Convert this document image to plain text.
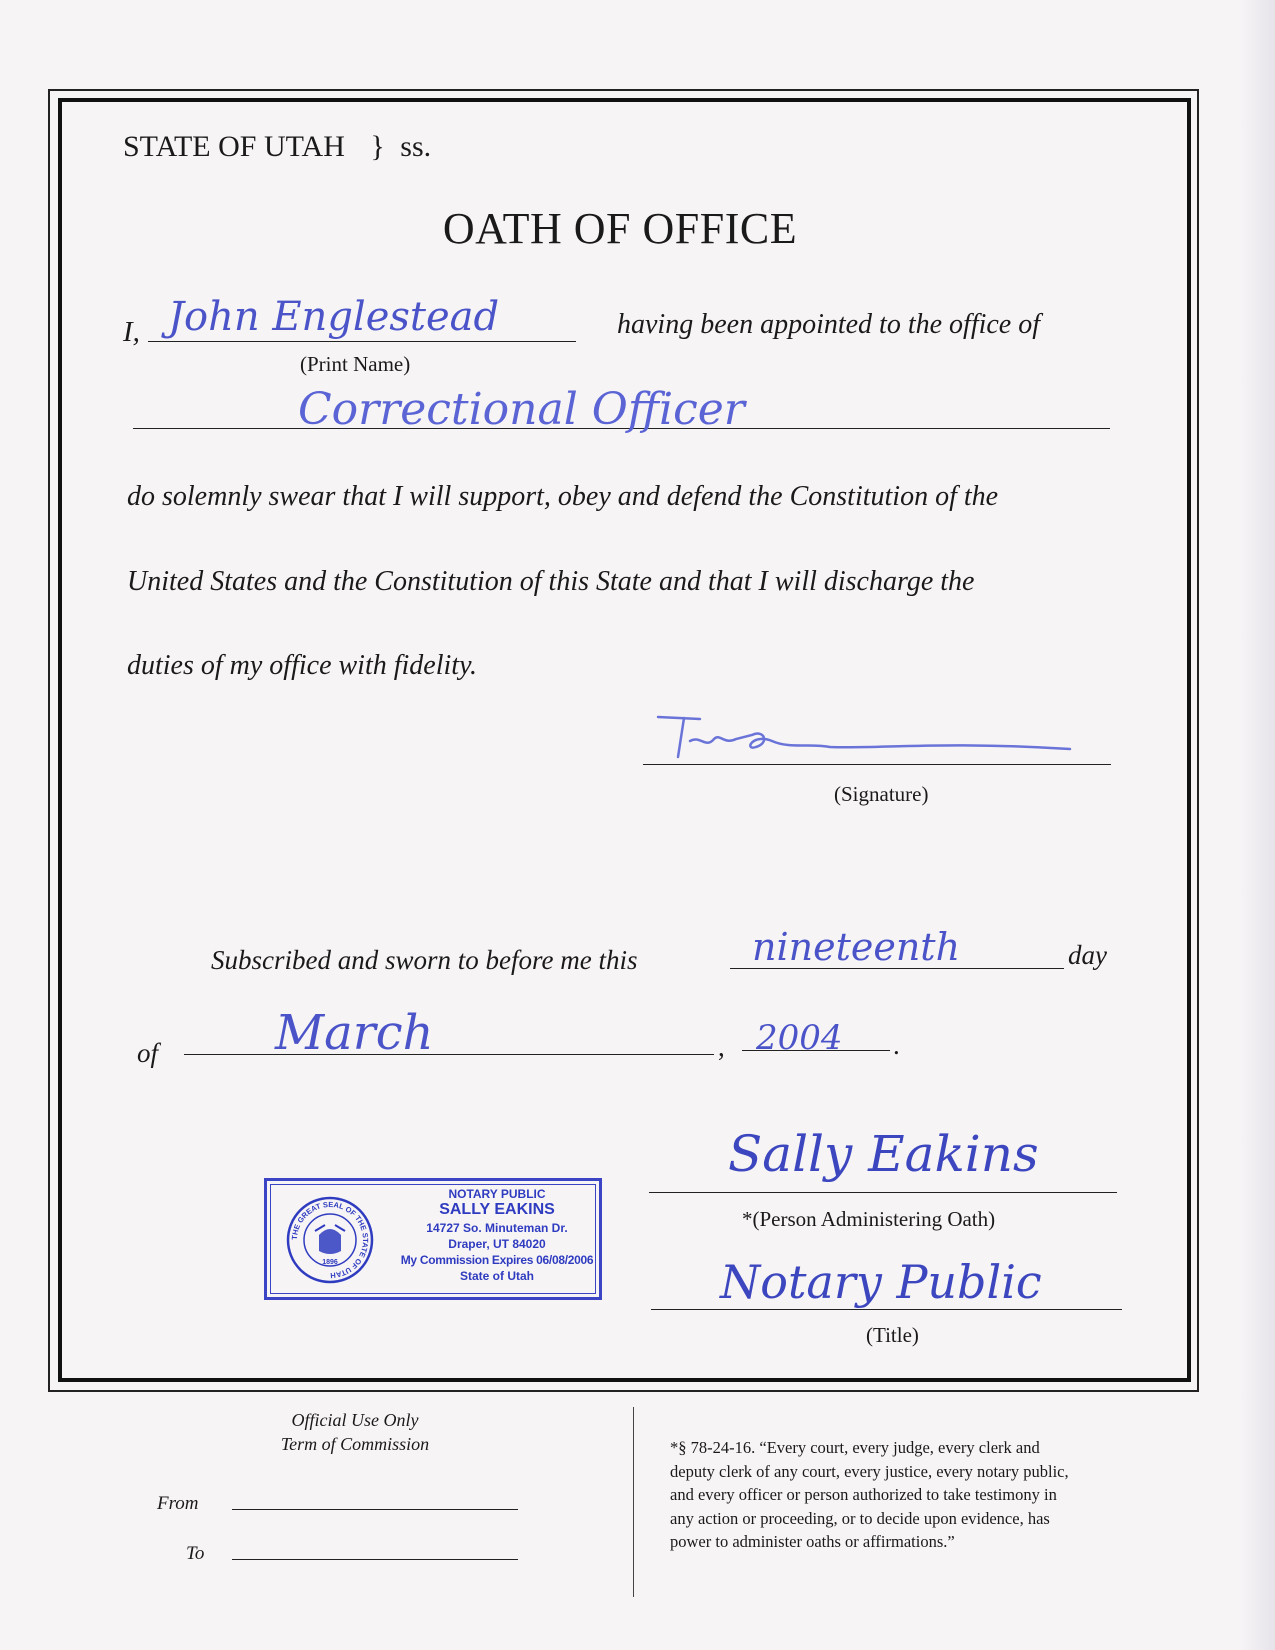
STATE OF UTAH } ss.
OATH OF OFFICE
I, John Englestead	having been appointed to the office of
(Print Name)
Correctional Officer
do solemnly swear that I will support, obey and defend the Constitution of the
United States and the Constitution of this State and that I will discharge the
duties of my office with fidelity.
(Signature)
Subscribed and sworn to before me this	nineteenth	day
of March	, 2004 .
Sally Eakins
*(Person Administering Oath)
Notary Public
(Title)
THE GREAT SEAL OF THE STATE OF UTAH
1896
NOTARY PUBLIC
SALLY EAKINS
14727 So. Minuteman Dr.
Draper, UT 84020
My Commission Expires 06/08/2006
State of Utah
Official Use Only
Term of Commission
From
To
*§ 78-24-16. “Every court, every judge, every clerk and
deputy clerk of any court, every justice, every notary public,
and every officer or person authorized to take testimony in
any action or proceeding, or to decide upon evidence, has
power to administer oaths or affirmations.”
